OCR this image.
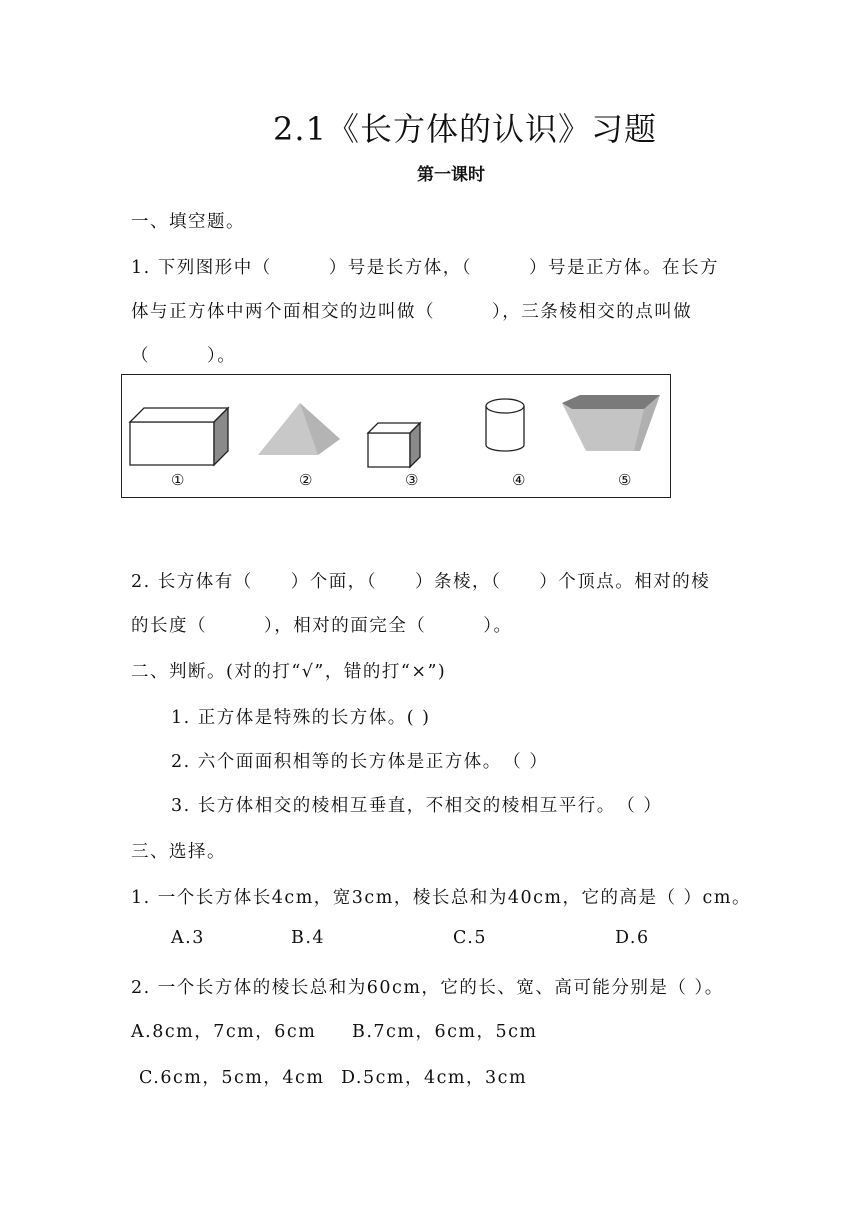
2.1《长方体的认识》习题
第一课时
一、填空题。
1. 下列图形中（　　　）号是长方体，（　　　）号是正方体。在长方
体与正方体中两个面相交的边叫做（　　　），三条棱相交的点叫做
（　　　）。
①	②	③	④	⑤
2. 长方体有（　　）个面，（　　）条棱，（　　）个顶点。相对的棱
的长度（　　　），相对的面完全（　　　）。
二、判断。(对的打“√”，错的打“×”)
1. 正方体是特殊的长方体。( )
2. 六个面面积相等的长方体是正方体。　（ ）
3. 长方体相交的棱相互垂直，不相交的棱相互平行。　（ ）
三、选择。
1. 一个长方体长4cm，宽3cm，棱长总和为40cm，它的高是（ ）cm。
A.3	B.4	C.5	D.6
2. 一个长方体的棱长总和为60cm，它的长、宽、高可能分别是（ ）。
A.8cm，7cm，6cm B.7cm，6cm，5cm
C.6cm，5cm，4cm D.5cm，4cm，3cm
